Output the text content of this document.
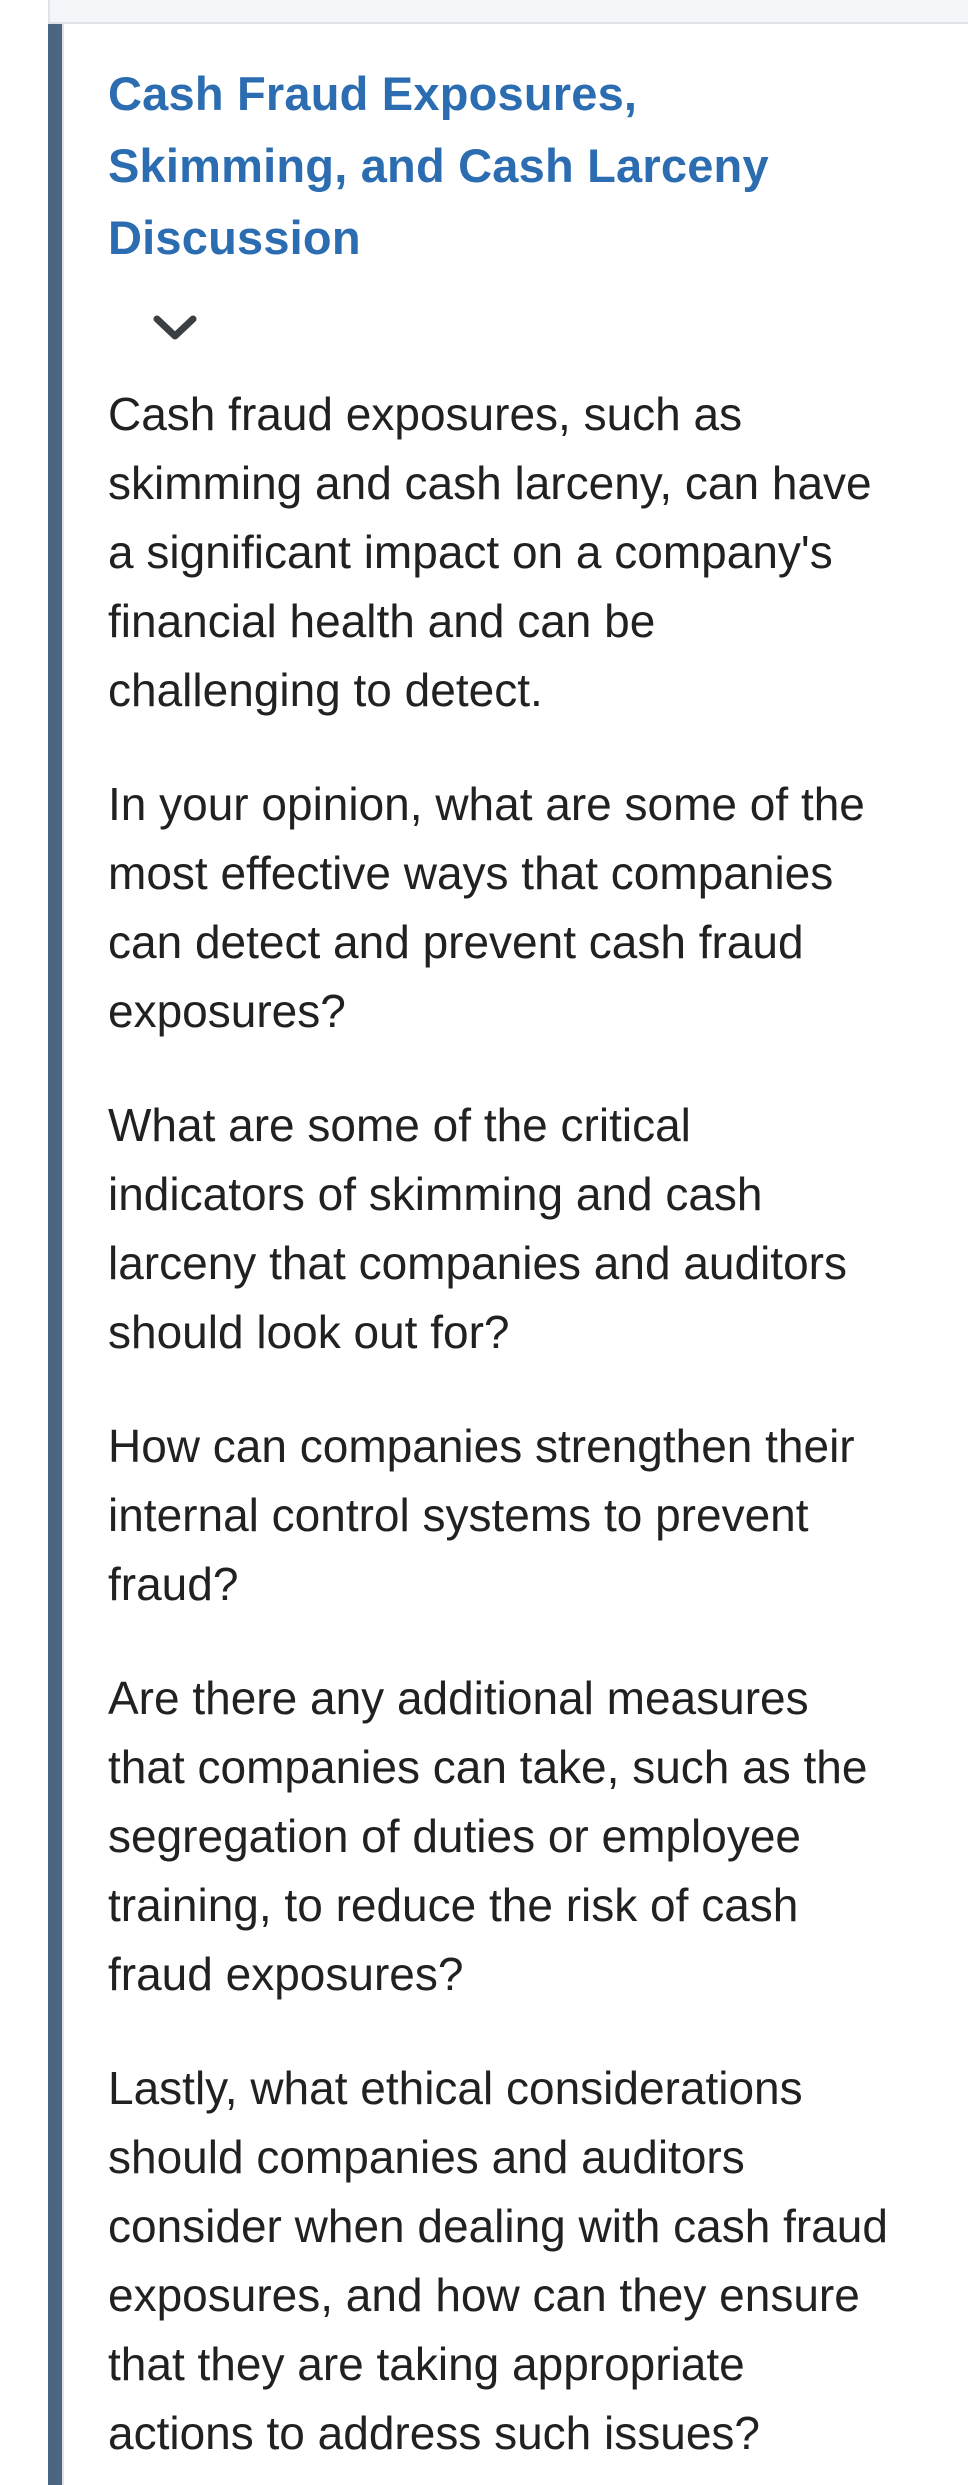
Cash Fraud Exposures, Skimming, and Cash Larceny Discussion

Cash fraud exposures, such as skimming and cash larceny, can have a significant impact on a company's financial health and can be challenging to detect.

In your opinion, what are some of the most effective ways that companies can detect and prevent cash fraud exposures?

What are some of the critical indicators of skimming and cash larceny that companies and auditors should look out for?

How can companies strengthen their internal control systems to prevent fraud?

Are there any additional measures that companies can take, such as the segregation of duties or employee training, to reduce the risk of cash fraud exposures?

Lastly, what ethical considerations should companies and auditors consider when dealing with cash fraud exposures, and how can they ensure that they are taking appropriate actions to address such issues?
